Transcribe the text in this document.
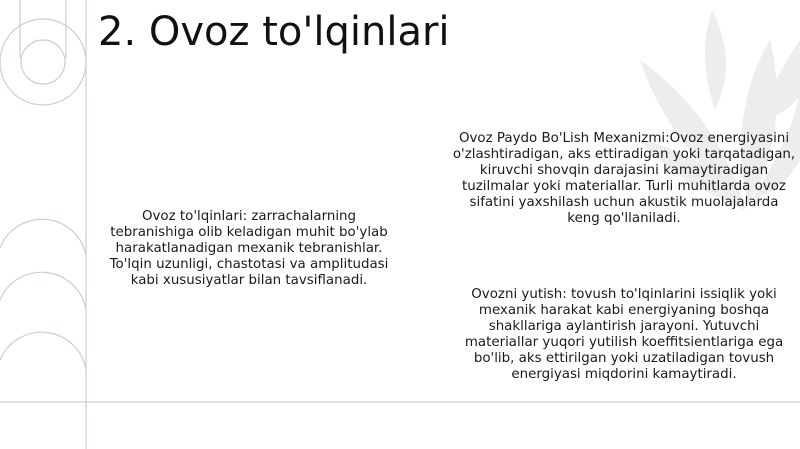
2. Ovoz to'lqinlari

Ovoz to'lqinlari: zarrachalarning tebranishiga olib keladigan muhit bo'ylab harakatlanadigan mexanik tebranishlar. To'lqin uzunligi, chastotasi va amplitudasi kabi xususiyatlar bilan tavsiflanadi.

Ovoz Paydo Bo'Lish Mexanizmi:Ovoz energiyasini o'zlashtiradigan, aks ettiradigan yoki tarqatadigan, kiruvchi shovqin darajasini kamaytiradigan tuzilmalar yoki materiallar. Turli muhitlarda ovoz sifatini yaxshilash uchun akustik muolajalarda keng qo'llaniladi.

Ovozni yutish: tovush to'lqinlarini issiqlik yoki mexanik harakat kabi energiyaning boshqa shakllariga aylantirish jarayoni. Yutuvchi materiallar yuqori yutilish koeffitsientlariga ega bo'lib, aks ettirilgan yoki uzatiladigan tovush energiyasi miqdorini kamaytiradi.
